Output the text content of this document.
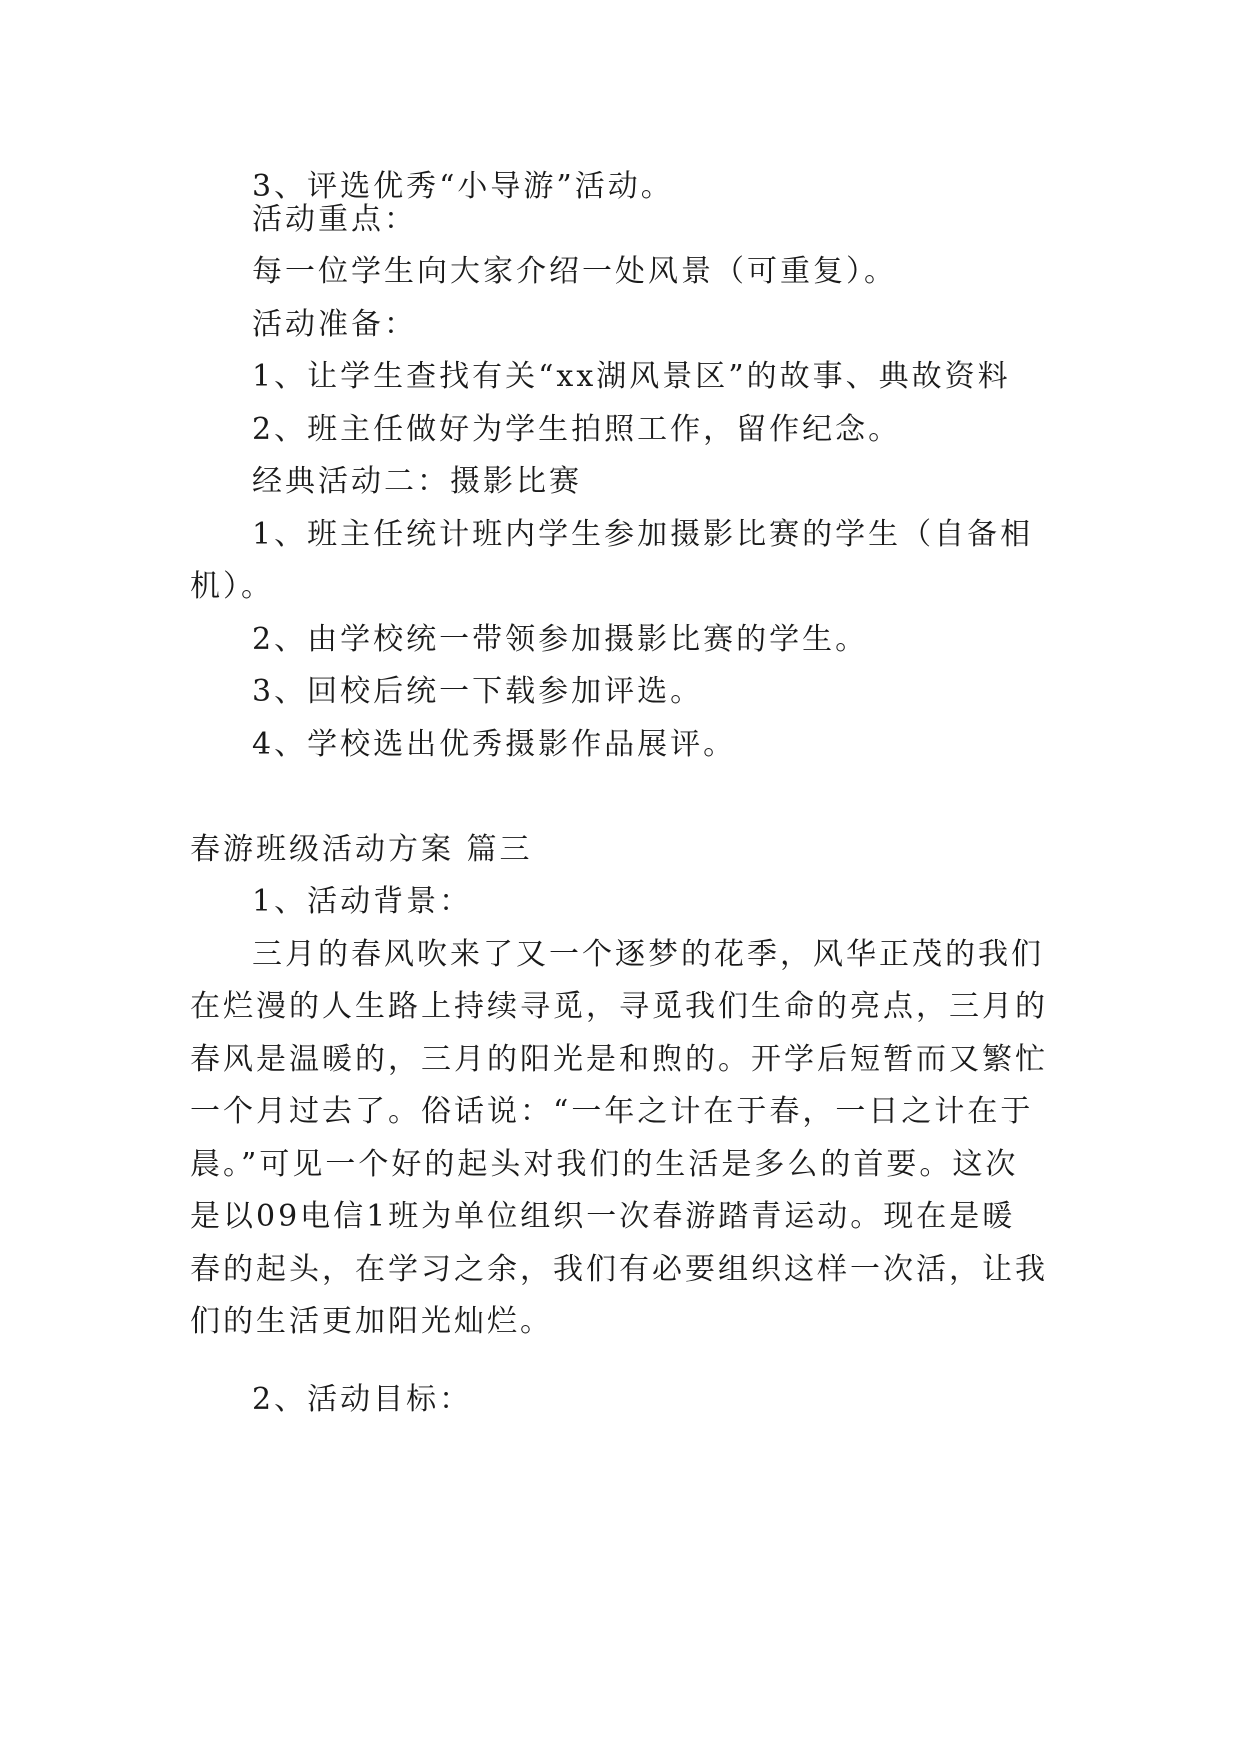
3、评选优秀“小导游”活动。
活动重点：
每一位学生向大家介绍一处风景（可重复）。
活动准备：
1、让学生查找有关“xx湖风景区”的故事、典故资料
2、班主任做好为学生拍照工作，留作纪念。
经典活动二：摄影比赛
1、班主任统计班内学生参加摄影比赛的学生（自备相
机）。
2、由学校统一带领参加摄影比赛的学生。
3、回校后统一下载参加评选。
4、学校选出优秀摄影作品展评。
春游班级活动方案 篇三
1、活动背景：
三月的春风吹来了又一个逐梦的花季，风华正茂的我们
在烂漫的人生路上持续寻觅，寻觅我们生命的亮点，三月的
春风是温暖的，三月的阳光是和煦的。开学后短暂而又繁忙
一个月过去了。俗话说：“一年之计在于春，一日之计在于
晨。”可见一个好的起头对我们的生活是多么的首要。这次
是以09电信1班为单位组织一次春游踏青运动。现在是暖
春的起头，在学习之余，我们有必要组织这样一次活，让我
们的生活更加阳光灿烂。
2、活动目标：
